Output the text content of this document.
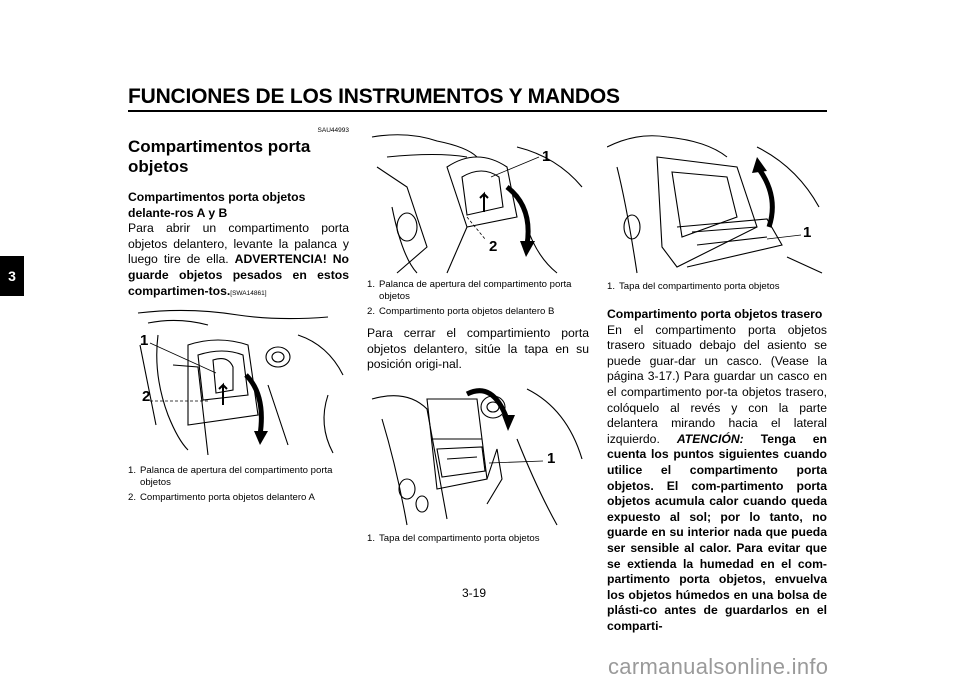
FUNCIONES DE LOS INSTRUMENTOS Y MANDOS
3
SAU44993
Compartimentos porta objetos
Compartimentos porta objetos delante-ros A y B
Para abrir un compartimento porta objetos delantero, levante la palanca y luego tire de ella. ADVERTENCIA! No guarde objetos pesados en estos compartimen-tos.[SWA14861]
1
2
1. Palanca de apertura del compartimento porta objetos
2. Compartimento porta objetos delantero A
1
2
1. Palanca de apertura del compartimento porta objetos
2. Compartimento porta objetos delantero B
Para cerrar el compartimiento porta objetos delantero, sitúe la tapa en su posición origi-nal.
1
1. Tapa del compartimento porta objetos
1
1. Tapa del compartimento porta objetos
Compartimento porta objetos trasero
En el compartimento porta objetos trasero situado debajo del asiento se puede guar-dar un casco. (Vease la página 3-17.) Para guardar un casco en el compartimento por-ta objetos trasero, colóquelo al revés y con la parte delantera mirando hacia el lateral izquierdo. ATENCIÓN: Tenga en cuenta los puntos siguientes cuando utilice el compartimento porta objetos. El com-partimento porta objetos acumula calor cuando queda expuesto al sol; por lo tanto, no guarde en su interior nada que pueda ser sensible al calor. Para evitar que se extienda la humedad en el com-partimento porta objetos, envuelva los objetos húmedos en una bolsa de plásti-co antes de guardarlos en el comparti-
3-19
carmanualsonline.info
